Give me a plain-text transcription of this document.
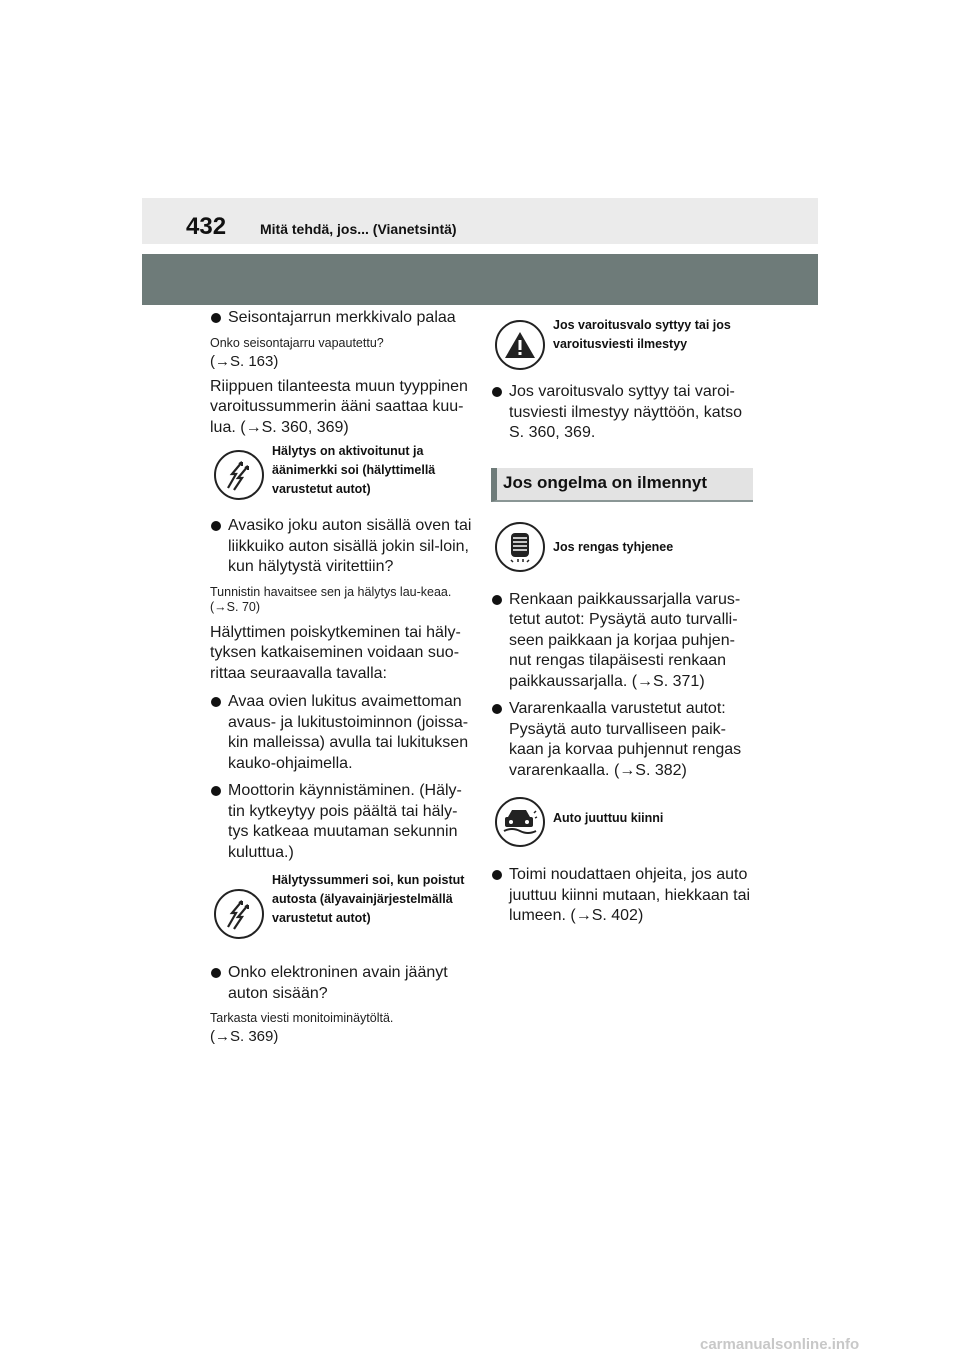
432 Mitä tehdä, jos... (Vianetsintä)
Seisontajarrun merkkivalo palaa
Onko seisontajarru vapautettu?
(→S. 163)
Riippuen tilanteesta muun tyyppinen varoitussummerin ääni saattaa kuu-lua. (→S. 360, 369)
Hälytys on aktivoitunut ja äänimerkki soi (hälyttimellä varustetut autot)
Avasiko joku auton sisällä oven tai liikkuiko auton sisällä jokin sil-loin, kun hälytystä viritettiin?
Tunnistin havaitsee sen ja hälytys lau-keaa. (→S. 70)
Hälyttimen poiskytkeminen tai häly-tyksen katkaiseminen voidaan suo-rittaa seuraavalla tavalla:
Avaa ovien lukitus avaimettoman avaus- ja lukitustoiminnon (joissa-kin malleissa) avulla tai lukituksen kauko-ohjaimella.
Moottorin käynnistäminen. (Häly-tin kytkeytyy pois päältä tai häly-tys katkeaa muutaman sekunnin kuluttua.)
Hälytyssummeri soi, kun poistut autosta (älyavainjärjestelmällä varustetut autot)
Onko elektroninen avain jäänyt auton sisään?
Tarkasta viesti monitoiminäytöltä.
(→S. 369)
Jos varoitusvalo syttyy tai jos varoitusviesti ilmestyy
Jos varoitusvalo syttyy tai varoi-tusviesti ilmestyy näyttöön, katso S. 360, 369.
Jos ongelma on ilmennyt
Jos rengas tyhjenee
Renkaan paikkaussarjalla varus-tetut autot: Pysäytä auto turvalli-seen paikkaan ja korjaa puhjen-nut rengas tilapäisesti renkaan paikkaussarjalla. (→S. 371)
Vararenkaalla varustetut autot: Pysäytä auto turvalliseen paik-kaan ja korvaa puhjennut rengas vararenkaalla. (→S. 382)
Auto juuttuu kiinni
Toimi noudattaen ohjeita, jos auto juuttuu kiinni mutaan, hiekkaan tai lumeen. (→S. 402)
carmanualsonline.info
